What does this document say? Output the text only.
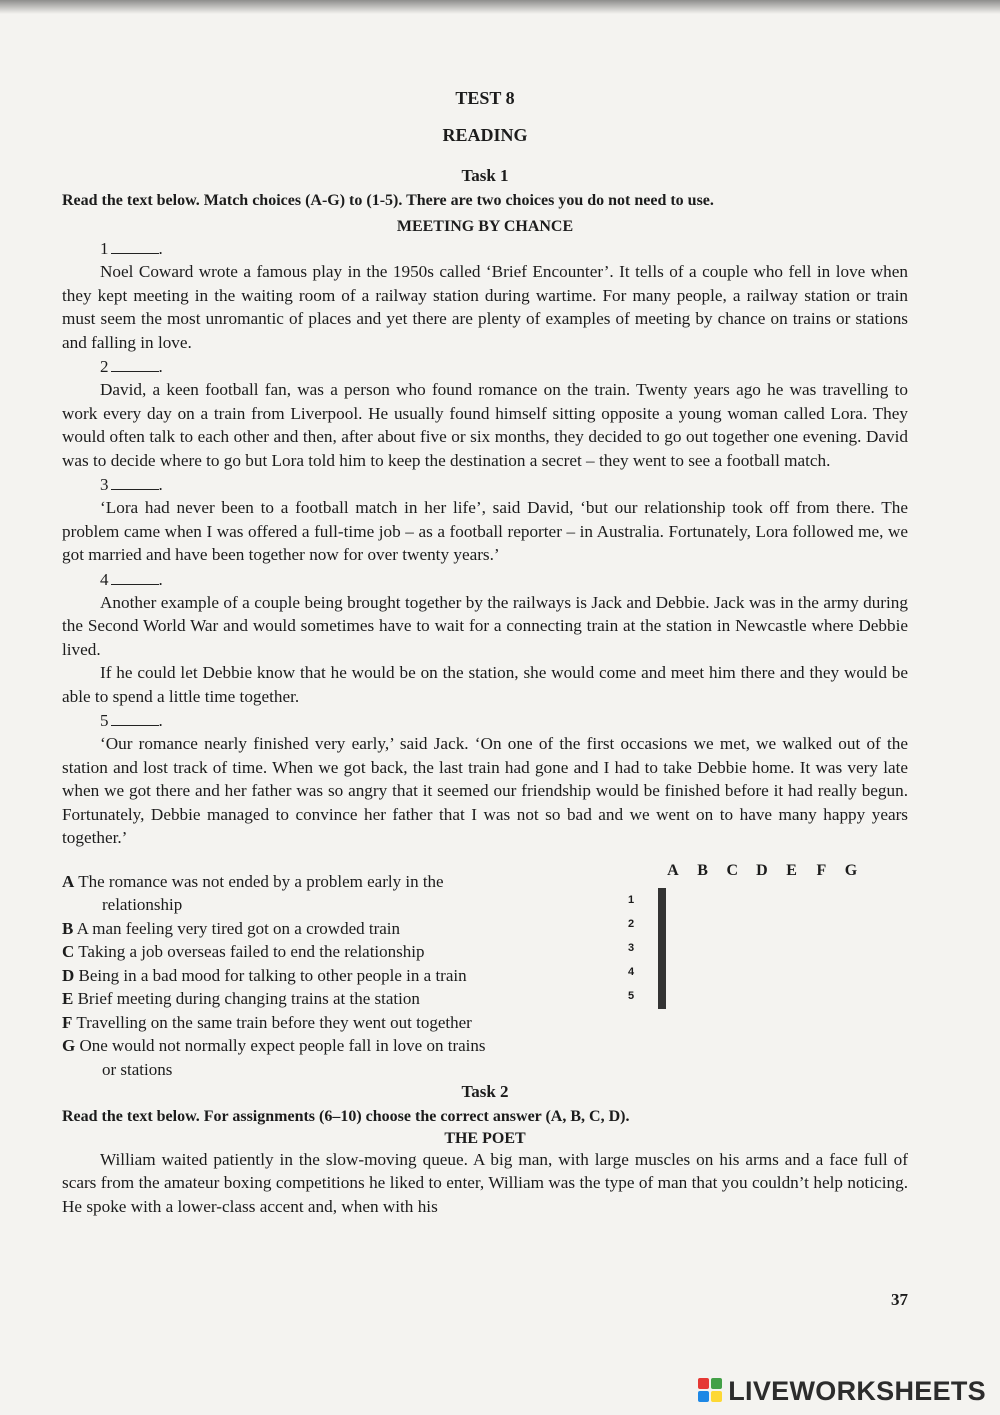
TEST 8
READING
Task 1
Read the text below. Match choices (A-G) to (1-5). There are two choices you do not need to use.
MEETING BY CHANCE
1	.

Noel Coward wrote a famous play in the 1950s called ‘Brief Encounter’. It tells of a couple who fell in love when they kept meeting in the waiting room of a railway station during wartime. For many people, a railway station or train must seem the most unromantic of places and yet there are plenty of examples of meeting by chance on trains or stations and falling in love.

2	.

David, a keen football fan, was a person who found romance on the train. Twenty years ago he was travelling to work every day on a train from Liverpool. He usually found himself sitting opposite a young woman called Lora. They would often talk to each other and then, after about five or six months, they decided to go out together one evening. David was to decide where to go but Lora told him to keep the destination a secret – they went to see a football match.

3	.

‘Lora had never been to a football match in her life’, said David, ‘but our relationship took off from there. The problem came when I was offered a full-time job – as a football reporter – in Australia. Fortunately, Lora followed me, we got married and have been together now for over twenty years.’

4	.

Another example of a couple being brought together by the railways is Jack and Debbie. Jack was in the army during the Second World War and would sometimes have to wait for a connecting train at the station in Newcastle where Debbie lived.

If he could let Debbie know that he would be on the station, she would come and meet him there and they would be able to spend a little time together.

5	.

‘Our romance nearly finished very early,’ said Jack. ‘On one of the first occasions we met, we walked out of the station and lost track of time. When we got back, the last train had gone and I had to take Debbie home. It was very late when we got there and her father was so angry that it seemed our friendship would be finished before it had really begun. Fortunately, Debbie managed to convince her father that I was not so bad and we went on to have many happy years together.’

A The romance was not ended by a problem early in the
relationship
B A man feeling very tired got on a crowded train
C Taking a job overseas failed to end the relationship
D Being in a bad mood for talking to other people in a train
E Brief meeting during changing trains at the station
F Travelling on the same train before they went out together
G One would not normally expect people fall in love on trains
or stations
A	B	C	D	E	F	G
1
2
3
4
5

Task 2
Read the text below. For assignments (6–10) choose the correct answer (A, B, C, D).
THE POET

William waited patiently in the slow-moving queue. A big man, with large muscles on his arms and a face full of scars from the amateur boxing competitions he liked to enter, William was the type of man that you couldn’t help noticing. He spoke with a lower-class accent and, when with his

37
LIVEWORKSHEETS
